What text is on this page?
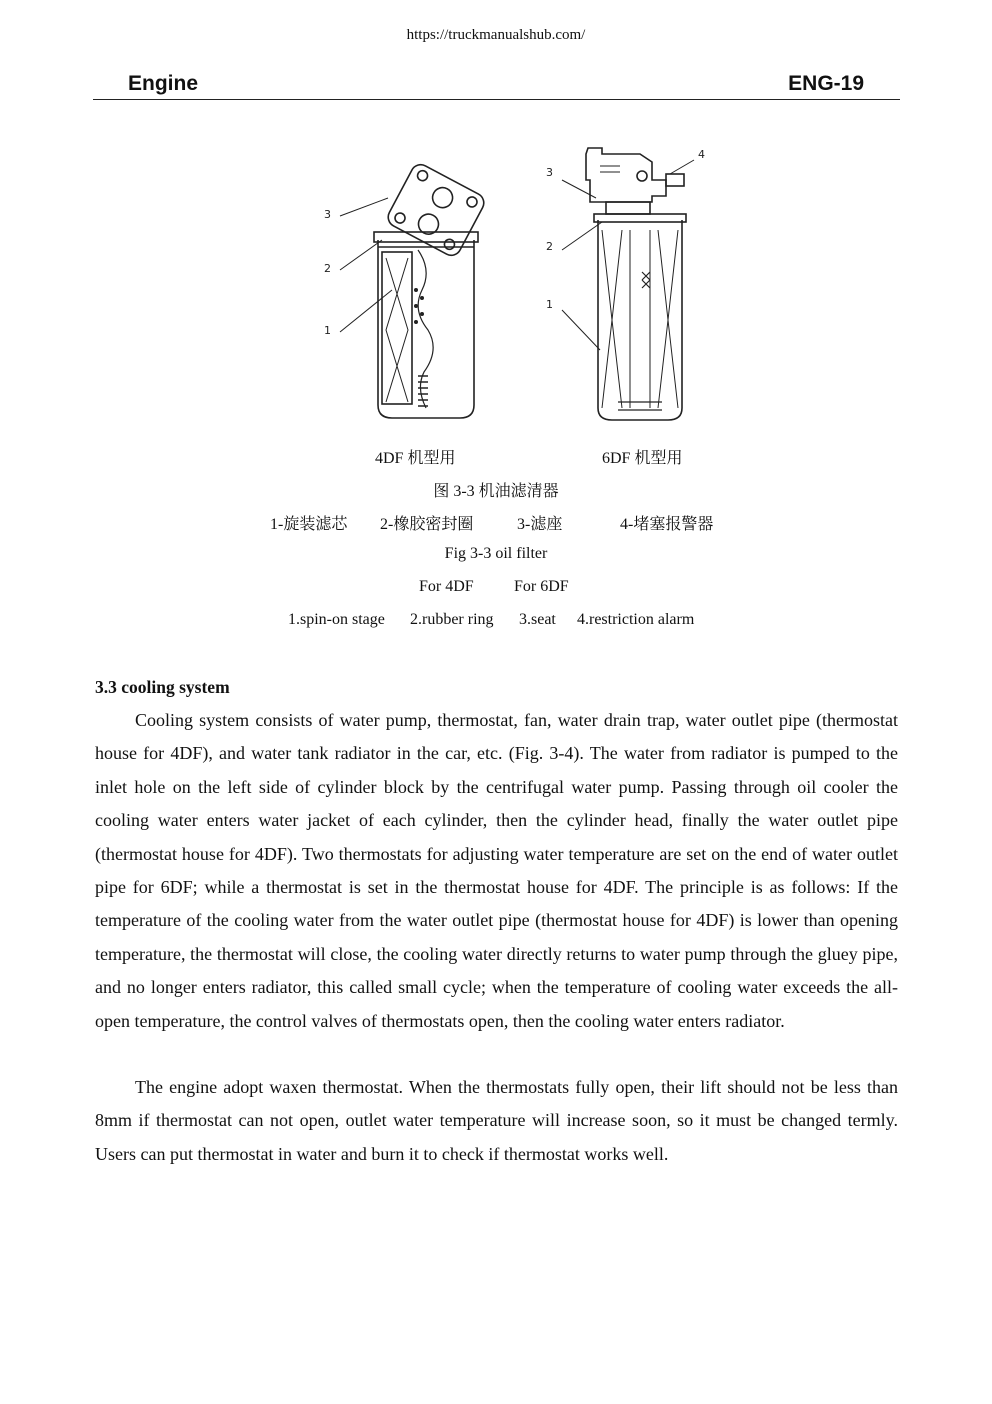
https://truckmanualshub.com/
Engine	ENG-19
3
2
1
3
4
2
1
4DF 机型用	6DF 机型用
图 3-3 机油滤清器
1-旋装滤芯 2-橡胶密封圈	3-滤座	4-堵塞报警器
Fig 3-3 oil filter
For 4DF	For 6DF
1.spin-on stage 2.rubber ring 3.seat 4.restriction alarm
3.3 cooling system

Cooling system consists of water pump, thermostat, fan, water drain trap, water outlet pipe (thermostat house for 4DF), and water tank radiator in the car, etc. (Fig. 3-4). The water from radiator is pumped to the inlet hole on the left side of cylinder block by the centrifugal water pump. Passing through oil cooler the cooling water enters water jacket of each cylinder, then the cylinder head, finally the water outlet pipe (thermostat house for 4DF). Two thermostats for adjusting water temperature are set on the end of water outlet pipe for 6DF; while a thermostat is set in the thermostat house for 4DF. The principle is as follows: If the temperature of the cooling water from the water outlet pipe (thermostat house for 4DF) is lower than opening temperature, the thermostat will close, the cooling water directly returns to water pump through the gluey pipe, and no longer enters radiator, this called small cycle; when the temperature of cooling water exceeds the all-open temperature, the control valves of thermostats open, then the cooling water enters radiator.

The engine adopt waxen thermostat. When the thermostats fully open, their lift should not be less than 8mm if thermostat can not open, outlet water temperature will increase soon, so it must be changed termly. Users can put thermostat in water and burn it to check if thermostat works well.
